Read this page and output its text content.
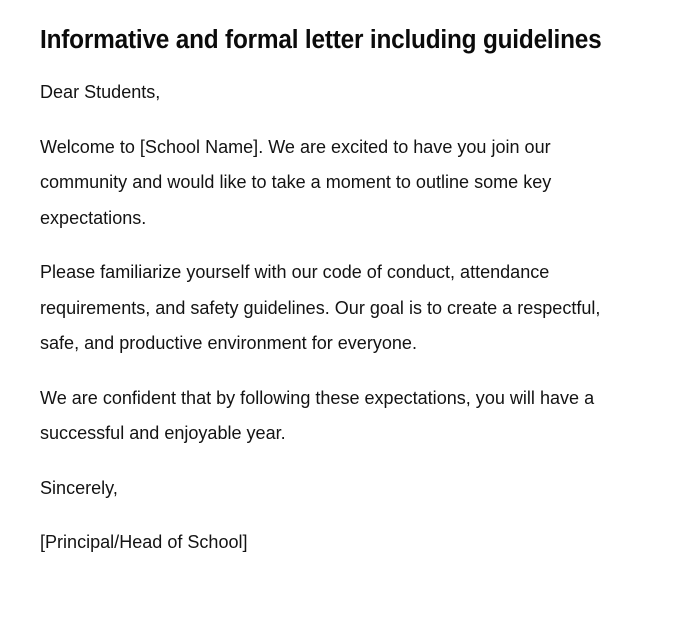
Informative and formal letter including guidelines

Dear Students,

Welcome to [School Name]. We are excited to have you join our community and would like to take a moment to outline some key expectations.

Please familiarize yourself with our code of conduct, attendance requirements, and safety guidelines. Our goal is to create a respectful, safe, and productive environment for everyone.

We are confident that by following these expectations, you will have a successful and enjoyable year.

Sincerely,

[Principal/Head of School]
